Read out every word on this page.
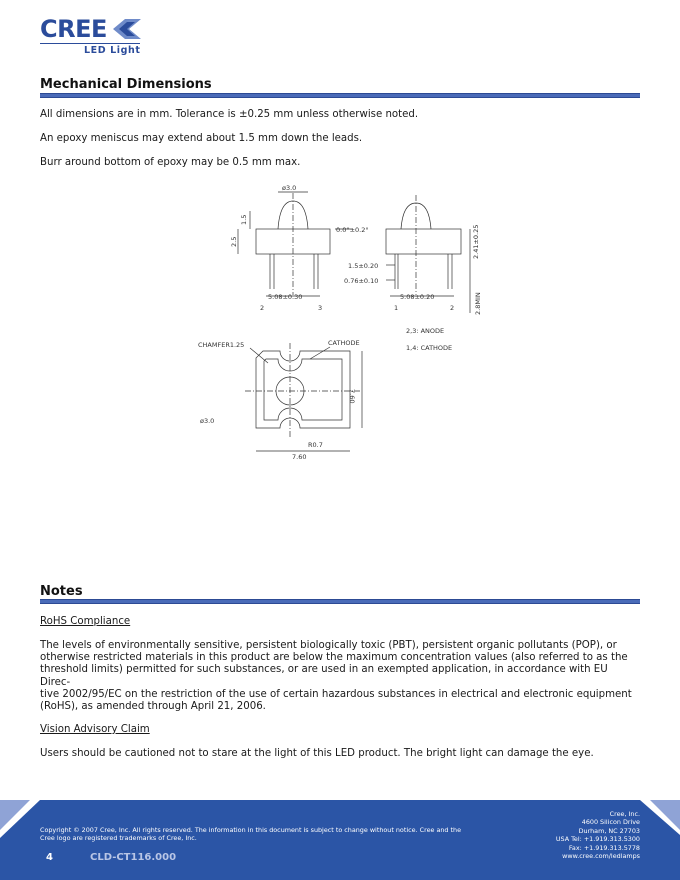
CREE
LED Light
Mechanical Dimensions
All dimensions are in mm. Tolerance is ±0.25 mm unless otherwise noted.
An epoxy meniscus may extend about 1.5 mm down the leads.
Burr around bottom of epoxy may be 0.5 mm max.
ø3.0
1.5
2.5
0.0°±0.2°	2.41±0.25
1.5±0.20
0.76±0.10
5.08±0.30	5.08±0.20	2.8MIN
2	3	1	2
2,3: ANODE
1,4: CATHODE
CHAMFER1.25	CATHODE
ø3.0
7.60
R0.7
7.60
Notes
RoHS Compliance
The levels of environmentally sensitive, persistent biologically toxic (PBT), persistent organic pollutants (POP), or
otherwise restricted materials in this product are below the maximum concentration values (also referred to as the
threshold limits) permitted for such substances, or are used in an exempted application, in accordance with EU Direc-
tive 2002/95/EC on the restriction of the use of certain hazardous substances in electrical and electronic equipment
(RoHS), as amended through April 21, 2006.
Vision Advisory Claim
Users should be cautioned not to stare at the light of this LED product. The bright light can damage the eye.
Cree, Inc.
4600 Silicon Drive
Durham, NC 27703
USA Tel: +1.919.313.5300
Fax: +1.919.313.5778
www.cree.com/ledlamps
Copyright © 2007 Cree, Inc. All rights reserved. The information in this document is subject to change without notice. Cree and the
Cree logo are registered trademarks of Cree, Inc.
4	CLD-CT116.000
